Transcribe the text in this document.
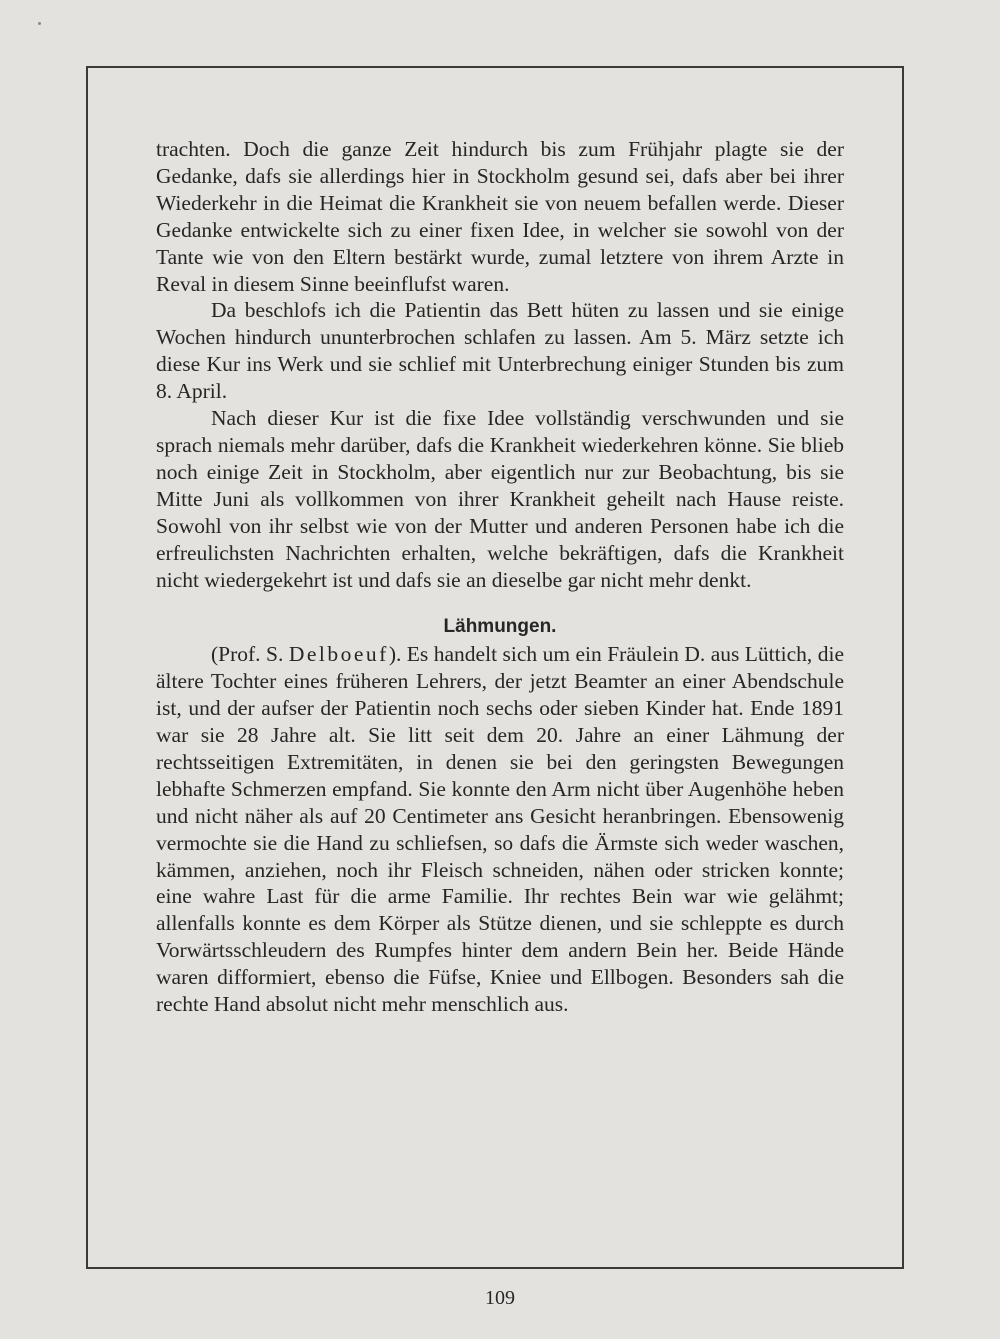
trachten. Doch die ganze Zeit hindurch bis zum Frühjahr plagte sie der Gedanke, dafs sie allerdings hier in Stockholm gesund sei, dafs aber bei ihrer Wiederkehr in die Heimat die Krankheit sie von neuem befallen werde. Dieser Gedanke entwickelte sich zu einer fixen Idee, in welcher sie sowohl von der Tante wie von den Eltern bestärkt wurde, zumal letztere von ihrem Arzte in Reval in diesem Sinne beeinflufst waren.

Da beschlofs ich die Patientin das Bett hüten zu lassen und sie einige Wochen hindurch ununterbrochen schlafen zu lassen. Am 5. März setzte ich diese Kur ins Werk und sie schlief mit Unterbrechung einiger Stunden bis zum 8. April.

Nach dieser Kur ist die fixe Idee vollständig verschwunden und sie sprach niemals mehr darüber, dafs die Krankheit wiederkehren könne. Sie blieb noch einige Zeit in Stockholm, aber eigentlich nur zur Beobachtung, bis sie Mitte Juni als vollkommen von ihrer Krankheit geheilt nach Hause reiste. Sowohl von ihr selbst wie von der Mutter und anderen Personen habe ich die erfreulichsten Nachrichten erhalten, welche bekräftigen, dafs die Krankheit nicht wiedergekehrt ist und dafs sie an dieselbe gar nicht mehr denkt.

Lähmungen.

(Prof. S. Delboeuf). Es handelt sich um ein Fräulein D. aus Lüttich, die ältere Tochter eines früheren Lehrers, der jetzt Beamter an einer Abendschule ist, und der aufser der Patientin noch sechs oder sieben Kinder hat. Ende 1891 war sie 28 Jahre alt. Sie litt seit dem 20. Jahre an einer Lähmung der rechtsseitigen Extremitäten, in denen sie bei den geringsten Bewegungen lebhafte Schmerzen empfand. Sie konnte den Arm nicht über Augenhöhe heben und nicht näher als auf 20 Centimeter ans Gesicht heranbringen. Ebensowenig vermochte sie die Hand zu schliefsen, so dafs die Ärmste sich weder waschen, kämmen, anziehen, noch ihr Fleisch schneiden, nähen oder stricken konnte; eine wahre Last für die arme Familie. Ihr rechtes Bein war wie gelähmt; allenfalls konnte es dem Körper als Stütze dienen, und sie schleppte es durch Vorwärtsschleudern des Rumpfes hinter dem andern Bein her. Beide Hände waren difformiert, ebenso die Füfse, Kniee und Ellbogen. Besonders sah die rechte Hand absolut nicht mehr menschlich aus.

109
